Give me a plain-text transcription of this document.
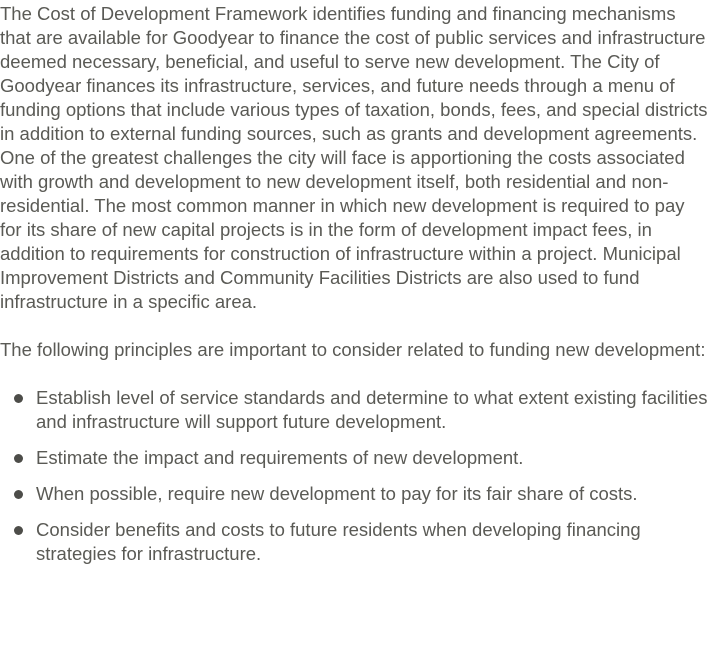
The Cost of Development Framework identifies funding and financing mechanisms that are available for Goodyear to finance the cost of public services and infrastructure deemed necessary, beneficial, and useful to serve new development. The City of Goodyear finances its infrastructure, services, and future needs through a menu of funding options that include various types of taxation, bonds, fees, and special districts in addition to external funding sources, such as grants and development agreements. One of the greatest challenges the city will face is apportioning the costs associated with growth and development to new development itself, both residential and non-residential. The most common manner in which new development is required to pay for its share of new capital projects is in the form of development impact fees, in addition to requirements for construction of infrastructure within a project. Municipal Improvement Districts and Community Facilities Districts are also used to fund infrastructure in a specific area.

The following principles are important to consider related to funding new development:

Establish level of service standards and determine to what extent existing facilities and infrastructure will support future development.
Estimate the impact and requirements of new development.
When possible, require new development to pay for its fair share of costs.
Consider benefits and costs to future residents when developing financing strategies for infrastructure.
